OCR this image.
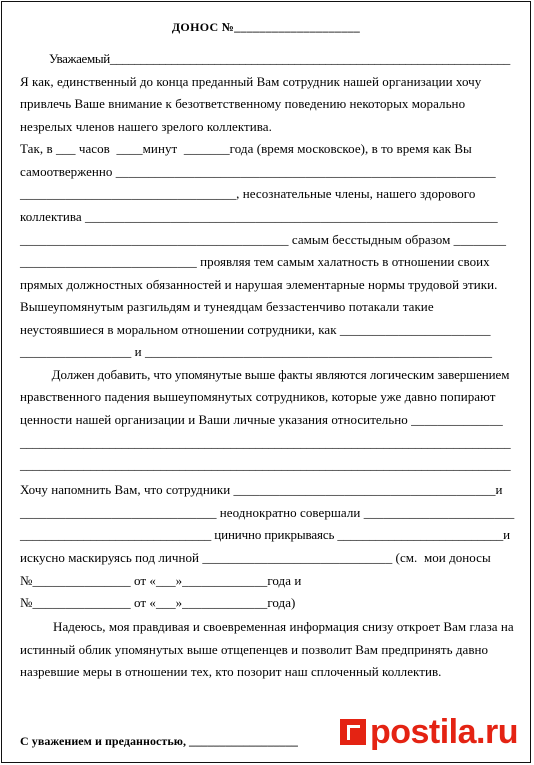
ДОНОС №____________________
Уважаемый_________________________________________________________________
Я как, единственный до конца преданный Вам сотрудник нашей организации хочу
привлечь Ваше внимание к безответственному поведению некоторых морально
незрелых членов нашего зрелого коллектива.
Так, в ___ часов  ____минут  _______года (время московское), в то время как Вы
самоотверженно __________________________________________________________
_________________________________, несознательные члены, нашего здорового
коллектива _______________________________________________________________
_________________________________________ самым бесстыдным образом ________
___________________________ проявляя тем самым халатность в отношении своих
прямых должностных обязанностей и нарушая элементарные нормы трудовой этики.
Вышеупомянутым разгильдям и тунеядцам беззастенчиво потакали такие
неустоявшиеся в моральном отношении сотрудники, как _______________________
_________________ и _____________________________________________________
Должен добавить, что упомянутые выше факты являются логическим завершением
нравственного падения вышеупомянутых сотрудников, которые уже давно попирают
ценности нашей организации и Ваши личные указания относительно ______________
_____________________________________________________________________________
_____________________________________________________________________________
Хочу напомнить Вам, что сотрудники ________________________________________и
______________________________ неоднократно совершали _______________________
______________________________ цинично прикрываясь __________________________и
искусно маскируясь под личной _____________________________ (см.  мои доносы
№_______________ от «___»_____________года и
№_______________ от «___»_____________года)
Надеюсь, моя правдивая и своевременная информация снизу откроет Вам глаза на
истинный облик упомянутых выше отщепенцев и позволит Вам предпринять давно
назревшие меры в отношении тех, кто позорит наш сплоченный коллектив.
С уважением и преданностью, __________________ postila.ru
